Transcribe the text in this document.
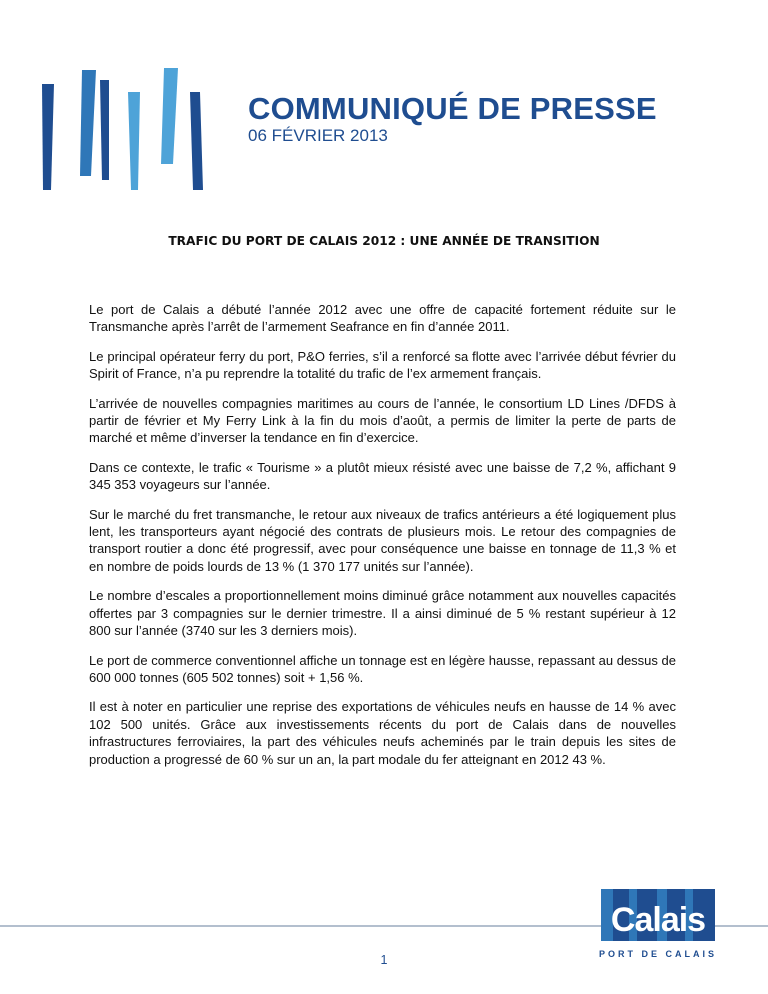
COMMUNIQUÉ DE PRESSE
06 FÉVRIER 2013
TRAFIC DU PORT DE CALAIS 2012 : UNE ANNÉE DE TRANSITION

Le port de Calais a débuté l’année 2012 avec une offre de capacité fortement réduite sur le Transmanche après l’arrêt de l’armement Seafrance en fin d’année 2011.

Le principal opérateur ferry du port, P&O ferries, s’il a renforcé sa flotte avec l’arrivée début février du Spirit of France, n’a pu reprendre la totalité du trafic de l’ex armement français.

L’arrivée de nouvelles compagnies maritimes au cours de l’année, le consortium LD Lines /DFDS à partir de février et My Ferry Link à la fin du mois d’août, a permis de limiter la perte de parts de marché et même d’inverser la tendance en fin d’exercice.

Dans ce contexte, le trafic « Tourisme » a plutôt mieux résisté avec une baisse de 7,2 %, affichant 9 345 353 voyageurs sur l’année.

Sur le marché du fret transmanche, le retour aux niveaux de trafics antérieurs a été logiquement plus lent, les transporteurs ayant négocié des contrats de plusieurs mois. Le retour des compagnies de transport routier a donc été progressif, avec pour conséquence une baisse en tonnage de 11,3 % et en nombre de poids lourds de 13 % (1 370 177 unités sur l’année).

Le nombre d’escales a proportionnellement moins diminué grâce notamment aux nouvelles capacités offertes par 3 compagnies sur le dernier trimestre. Il a ainsi diminué de 5 % restant supérieur à 12 800 sur l’année (3740 sur les 3 derniers mois).

Le port de commerce conventionnel affiche un tonnage est en légère hausse, repassant au dessus de 600 000 tonnes (605 502 tonnes) soit + 1,56 %.

Il est à noter en particulier une reprise des exportations de véhicules neufs en hausse de 14 % avec 102 500 unités. Grâce aux investissements récents du port de Calais dans de nouvelles infrastructures ferroviaires, la part des véhicules neufs acheminés par le train depuis les sites de production a progressé de 60 % sur un an, la part modale du fer atteignant en 2012 43 %.

Calais
PORT DE CALAIS
1
